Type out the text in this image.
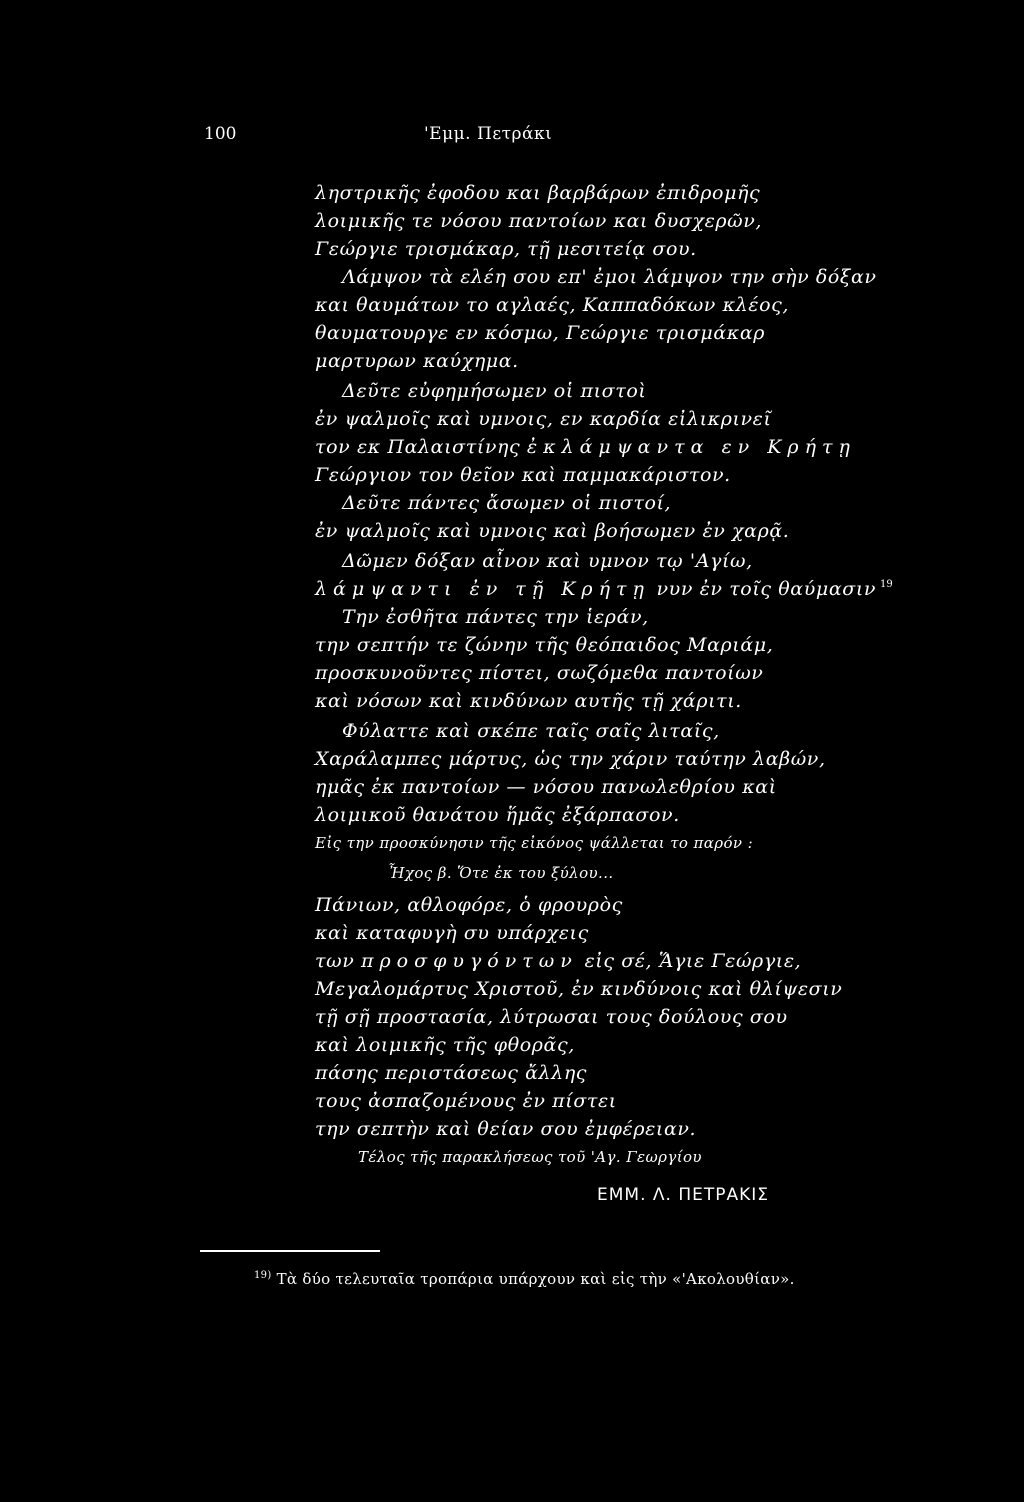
100	'Εμμ. Πετράκι
ληστρικῆς ἐφοδου και βαρβάρων ἐπιδρομῆς
λοιμικῆς τε νόσου παντοίων και δυσχερῶν,
Γεώργιε τρισμάκαρ, τῇ μεσιτείᾳ σου.
Λάμψον τὰ ελέη σου επ' ἐμοι λάμψον την σὴν δόξαν
και θαυμάτων το αγλαές, Καππαδόκων κλέος,
θαυματουργε εν κόσμω, Γεώργιε τρισμάκαρ
μαρτυρων καύχημα.
Δεῦτε εὐφημήσωμεν οἱ πιστοὶ
ἐν ψαλμοῖς καὶ υμνοις, εν καρδία εἰλικρινεῖ
τον εκ Παλαιστίνης ἐκλάμψαντα εν Κρήτῃ
Γεώργιον τον θεῖον καὶ παμμακάριστον.
Δεῦτε πάντες ἄσωμεν οἱ πιστοί,
ἐν ψαλμοῖς καὶ υμνοις καὶ βοήσωμεν ἐν χαρᾷ.
Δῶμεν δόξαν αἶνον καὶ υμνον τῳ 'Αγίω,
λάμψαντι ἐν τῇ Κρήτῃ νυν ἐν τοῖς θαύμασιν $^{19}$
Την ἐσθῆτα πάντες την ἱεράν,
την σεπτήν τε ζώνην τῆς θεόπαιδος Μαριάμ,
προσκυνοῦντες πίστει, σωζόμεθα παντοίων
καὶ νόσων καὶ κινδύνων αυτῆς τῇ χάριτι.
Φύλαττε καὶ σκέπε ταῖς σαῖς λιταῖς,
Χαράλαμπες μάρτυς, ὡς την χάριν ταύτην λαβών,
ημᾶς ἐκ παντοίων — νόσου πανωλεθρίου καὶ
λοιμικοῦ θανάτου ἥμᾶς ἐξάρπασον.
Εἰς την προσκύνησιν τῆς εἰκόνος ψάλλεται το παρόν :
Ἦχος β. Ὅτε ἐκ του ξύλου...
Πάνιων, αθλοφόρε, ὁ φρουρὸς
καὶ καταφυγὴ συ υπάρχεις
των προσφυγόντων εἰς σέ, Ἅγιε Γεώργιε,
Μεγαλομάρτυς Χριστοῦ, ἐν κινδύνοις καὶ θλίψεσιν
τῇ σῇ προστασία, λύτρωσαι τους δούλους σου
καὶ λοιμικῆς τῆς φθορᾶς,
πάσης περιστάσεως ἄλλης
τους ἀσπαζομένους ἐν πίστει
την σεπτὴν καὶ θείαν σου ἐμφέρειαν.
Τέλος τῆς παρακλήσεως τοῦ 'Αγ. Γεωργίου
ΕΜΜ. Λ. ΠΕΤΡΑΚΙΣ
$^{19)}$ Τὰ δύο τελευταῖα τροπάρια υπάρχουν καὶ εἰς τὴν «'Ακολουθίαν».
